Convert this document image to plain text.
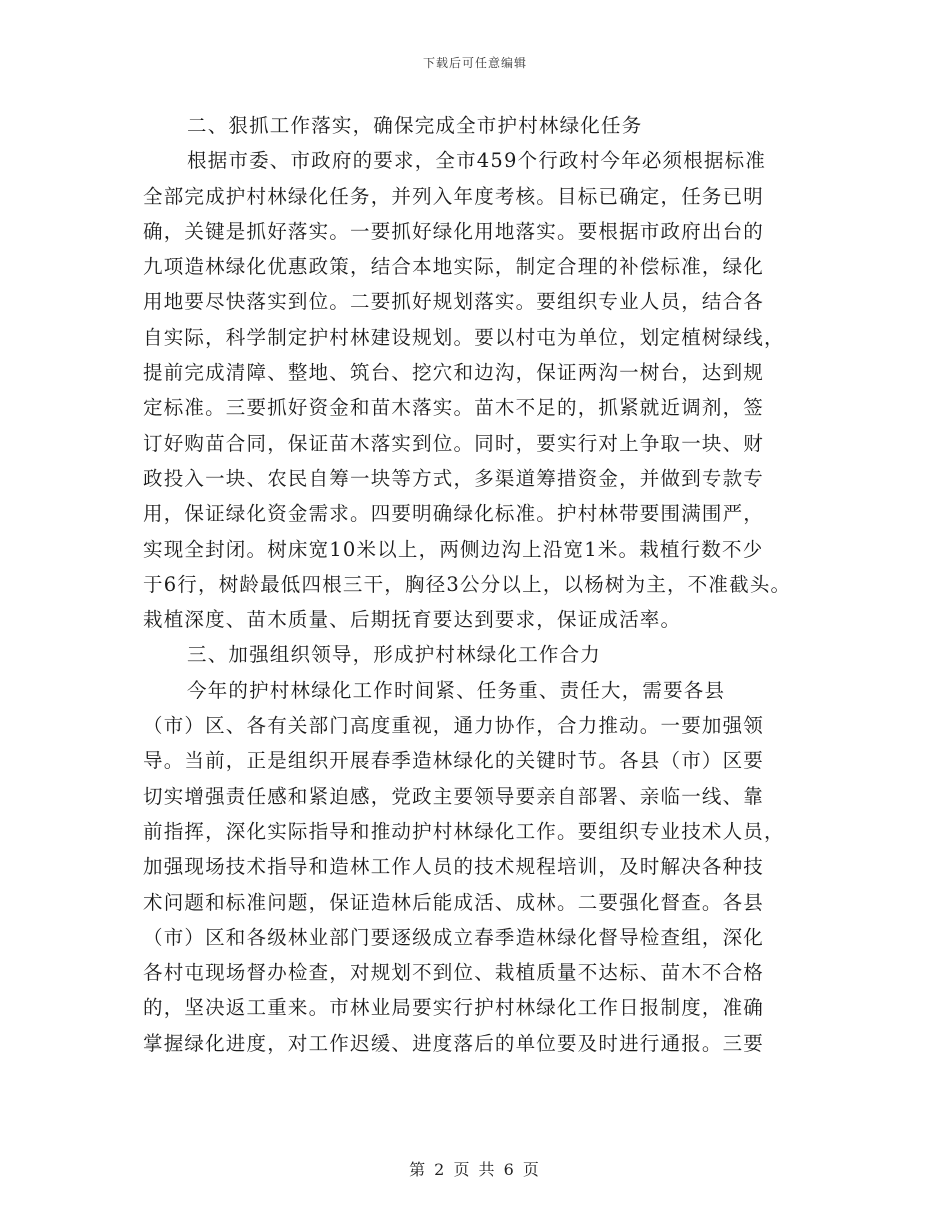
下载后可任意编辑
二、狠抓工作落实，确保完成全市护村林绿化任务
根据市委、市政府的要求，全市459个行政村今年必须根据标准
全部完成护村林绿化任务，并列入年度考核。目标已确定，任务已明
确，关键是抓好落实。一要抓好绿化用地落实。要根据市政府出台的
九项造林绿化优惠政策，结合本地实际，制定合理的补偿标准，绿化
用地要尽快落实到位。二要抓好规划落实。要组织专业人员，结合各
自实际，科学制定护村林建设规划。要以村屯为单位，划定植树绿线，
提前完成清障、整地、筑台、挖穴和边沟，保证两沟一树台，达到规
定标准。三要抓好资金和苗木落实。苗木不足的，抓紧就近调剂，签
订好购苗合同，保证苗木落实到位。同时，要实行对上争取一块、财
政投入一块、农民自筹一块等方式，多渠道筹措资金，并做到专款专
用，保证绿化资金需求。四要明确绿化标准。护村林带要围满围严，
实现全封闭。树床宽10米以上，两侧边沟上沿宽1米。栽植行数不少
于6行，树龄最低四根三干，胸径3公分以上，以杨树为主，不准截头。
栽植深度、苗木质量、后期抚育要达到要求，保证成活率。
三、加强组织领导，形成护村林绿化工作合力
今年的护村林绿化工作时间紧、任务重、责任大，需要各县
（市）区、各有关部门高度重视，通力协作，合力推动。一要加强领
导。当前，正是组织开展春季造林绿化的关键时节。各县（市）区要
切实增强责任感和紧迫感，党政主要领导要亲自部署、亲临一线、靠
前指挥，深化实际指导和推动护村林绿化工作。要组织专业技术人员，
加强现场技术指导和造林工作人员的技术规程培训，及时解决各种技
术问题和标准问题，保证造林后能成活、成林。二要强化督查。各县
（市）区和各级林业部门要逐级成立春季造林绿化督导检查组，深化
各村屯现场督办检查，对规划不到位、栽植质量不达标、苗木不合格
的，坚决返工重来。市林业局要实行护村林绿化工作日报制度，准确
掌握绿化进度，对工作迟缓、进度落后的单位要及时进行通报。三要
第 2 页 共 6 页
